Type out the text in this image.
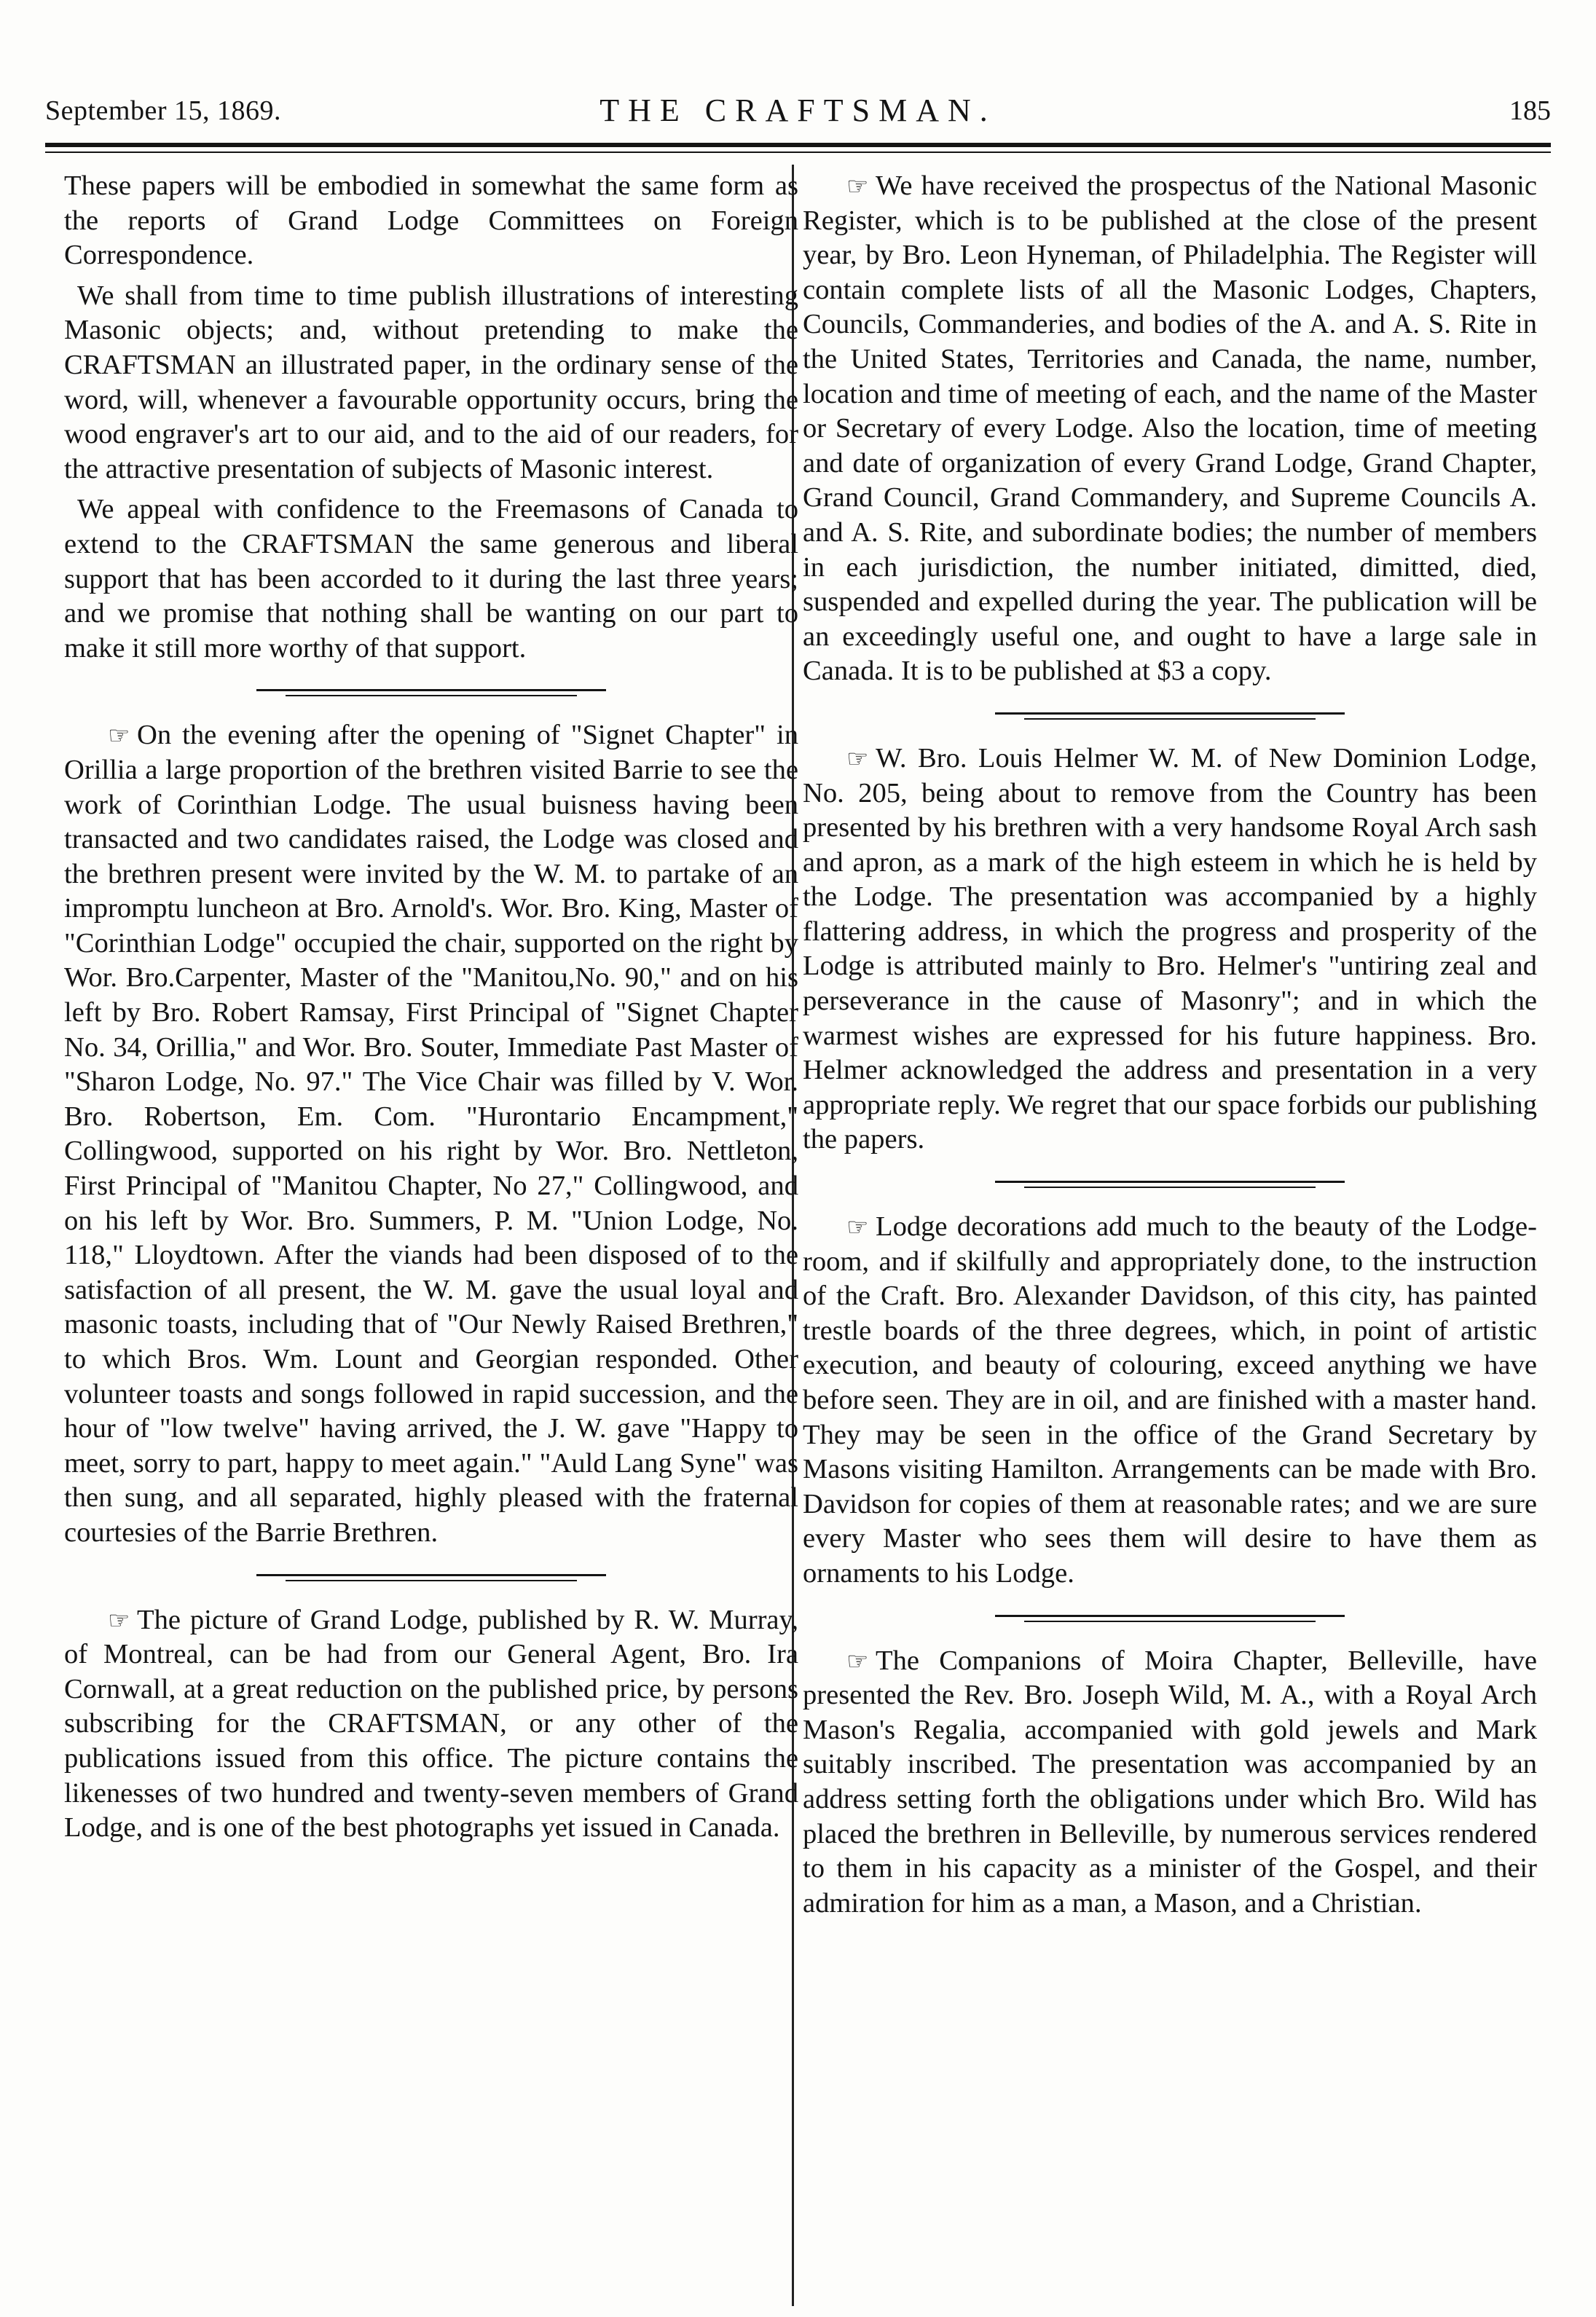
September 15, 1869.	THE CRAFTSMAN.	185

These papers will be embodied in somewhat the same form as the reports of Grand Lodge Committees on Foreign Correspondence.

We shall from time to time publish illustrations of interesting Masonic objects; and, without pretending to make the CRAFTSMAN an illustrated paper, in the ordinary sense of the word, will, whenever a favourable opportunity occurs, bring the wood engraver's art to our aid, and to the aid of our readers, for the attractive presentation of subjects of Masonic interest.

We appeal with confidence to the Freemasons of Canada to extend to the CRAFTSMAN the same generous and liberal support that has been accorded to it during the last three years; and we promise that nothing shall be wanting on our part to make it still more worthy of that support.

☞ On the evening after the opening of "Signet Chapter" in Orillia a large proportion of the brethren visited Barrie to see the work of Corinthian Lodge. The usual buisness having been transacted and two candidates raised, the Lodge was closed and the brethren present were invited by the W. M. to partake of an impromptu luncheon at Bro. Arnold's. Wor. Bro. King, Master of "Corinthian Lodge" occupied the chair, supported on the right by Wor. Bro.Carpenter, Master of the "Manitou,No. 90," and on his left by Bro. Robert Ramsay, First Principal of "Signet Chapter No. 34, Orillia," and Wor. Bro. Souter, Immediate Past Master of "Sharon Lodge, No. 97." The Vice Chair was filled by V. Wor. Bro. Robertson, Em. Com. "Hurontario Encampment," Collingwood, supported on his right by Wor. Bro. Nettleton, First Principal of "Manitou Chapter, No 27," Collingwood, and on his left by Wor. Bro. Summers, P. M. "Union Lodge, No. 118," Lloydtown. After the viands had been disposed of to the satisfaction of all present, the W. M. gave the usual loyal and masonic toasts, including that of "Our Newly Raised Brethren," to which Bros. Wm. Lount and Georgian responded. Other volunteer toasts and songs followed in rapid succession, and the hour of "low twelve" having arrived, the J. W. gave "Happy to meet, sorry to part, happy to meet again." "Auld Lang Syne" was then sung, and all separated, highly pleased with the fraternal courtesies of the Barrie Brethren.

☞ The picture of Grand Lodge, published by R. W. Murray, of Montreal, can be had from our General Agent, Bro. Ira Cornwall, at a great reduction on the published price, by persons subscribing for the CRAFTSMAN, or any other of the publications issued from this office. The picture contains the likenesses of two hundred and twenty-seven members of Grand Lodge, and is one of the best photographs yet issued in Canada.

☞ We have received the prospectus of the National Masonic Register, which is to be published at the close of the present year, by Bro. Leon Hyneman, of Philadelphia. The Register will contain complete lists of all the Masonic Lodges, Chapters, Councils, Commanderies, and bodies of the A. and A. S. Rite in the United States, Territories and Canada, the name, number, location and time of meeting of each, and the name of the Master or Secretary of every Lodge. Also the location, time of meeting and date of organization of every Grand Lodge, Grand Chapter, Grand Council, Grand Commandery, and Supreme Councils A. and A. S. Rite, and subordinate bodies; the number of members in each jurisdiction, the number initiated, dimitted, died, suspended and expelled during the year. The publication will be an exceedingly useful one, and ought to have a large sale in Canada. It is to be published at $3 a copy.

☞ W. Bro. Louis Helmer W. M. of New Dominion Lodge, No. 205, being about to remove from the Country has been presented by his brethren with a very handsome Royal Arch sash and apron, as a mark of the high esteem in which he is held by the Lodge. The presentation was accompanied by a highly flattering address, in which the progress and prosperity of the Lodge is attributed mainly to Bro. Helmer's "untiring zeal and perseverance in the cause of Masonry"; and in which the warmest wishes are expressed for his future happiness. Bro. Helmer acknowledged the address and presentation in a very appropriate reply. We regret that our space forbids our publishing the papers.

☞ Lodge decorations add much to the beauty of the Lodge-room, and if skilfully and appropriately done, to the instruction of the Craft. Bro. Alexander Davidson, of this city, has painted trestle boards of the three degrees, which, in point of artistic execution, and beauty of colouring, exceed anything we have before seen. They are in oil, and are finished with a master hand. They may be seen in the office of the Grand Secretary by Masons visiting Hamilton. Arrangements can be made with Bro. Davidson for copies of them at reasonable rates; and we are sure every Master who sees them will desire to have them as ornaments to his Lodge.

☞ The Companions of Moira Chapter, Belleville, have presented the Rev. Bro. Joseph Wild, M. A., with a Royal Arch Mason's Regalia, accompanied with gold jewels and Mark suitably inscribed. The presentation was accompanied by an address setting forth the obligations under which Bro. Wild has placed the brethren in Belleville, by numerous services rendered to them in his capacity as a minister of the Gospel, and their admiration for him as a man, a Mason, and a Christian.
